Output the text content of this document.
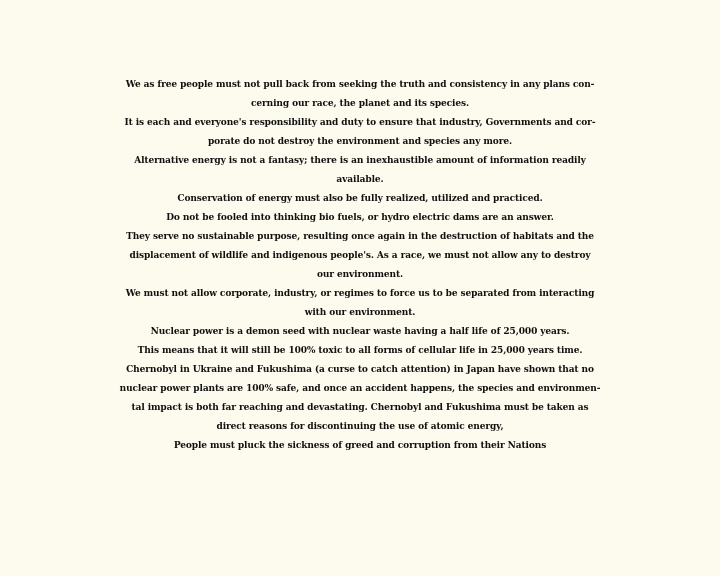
We as free people must not pull back from seeking the truth and consistency in any plans con-
cerning our race, the planet and its species.
It is each and everyone's responsibility and duty to ensure that industry, Governments and cor-
porate do not destroy the environment and species any more.
Alternative energy is not a fantasy; there is an inexhaustible amount of information readily
available.
Conservation of energy must also be fully realized, utilized and practiced.
Do not be fooled into thinking bio fuels, or hydro electric dams are an answer.
They serve no sustainable purpose, resulting once again in the destruction of habitats and the
displacement of wildlife and indigenous people's. As a race, we must not allow any to destroy
our environment.
We must not allow corporate, industry, or regimes to force us to be separated from interacting
with our environment.
Nuclear power is a demon seed with nuclear waste having a half life of 25,000 years.
This means that it will still be 100% toxic to all forms of cellular life in 25,000 years time.
Chernobyl in Ukraine and Fukushima (a curse to catch attention) in Japan have shown that no
nuclear power plants are 100% safe, and once an accident happens, the species and environmen-
tal impact is both far reaching and devastating. Chernobyl and Fukushima must be taken as
direct reasons for discontinuing the use of atomic energy,
People must pluck the sickness of greed and corruption from their Nations
